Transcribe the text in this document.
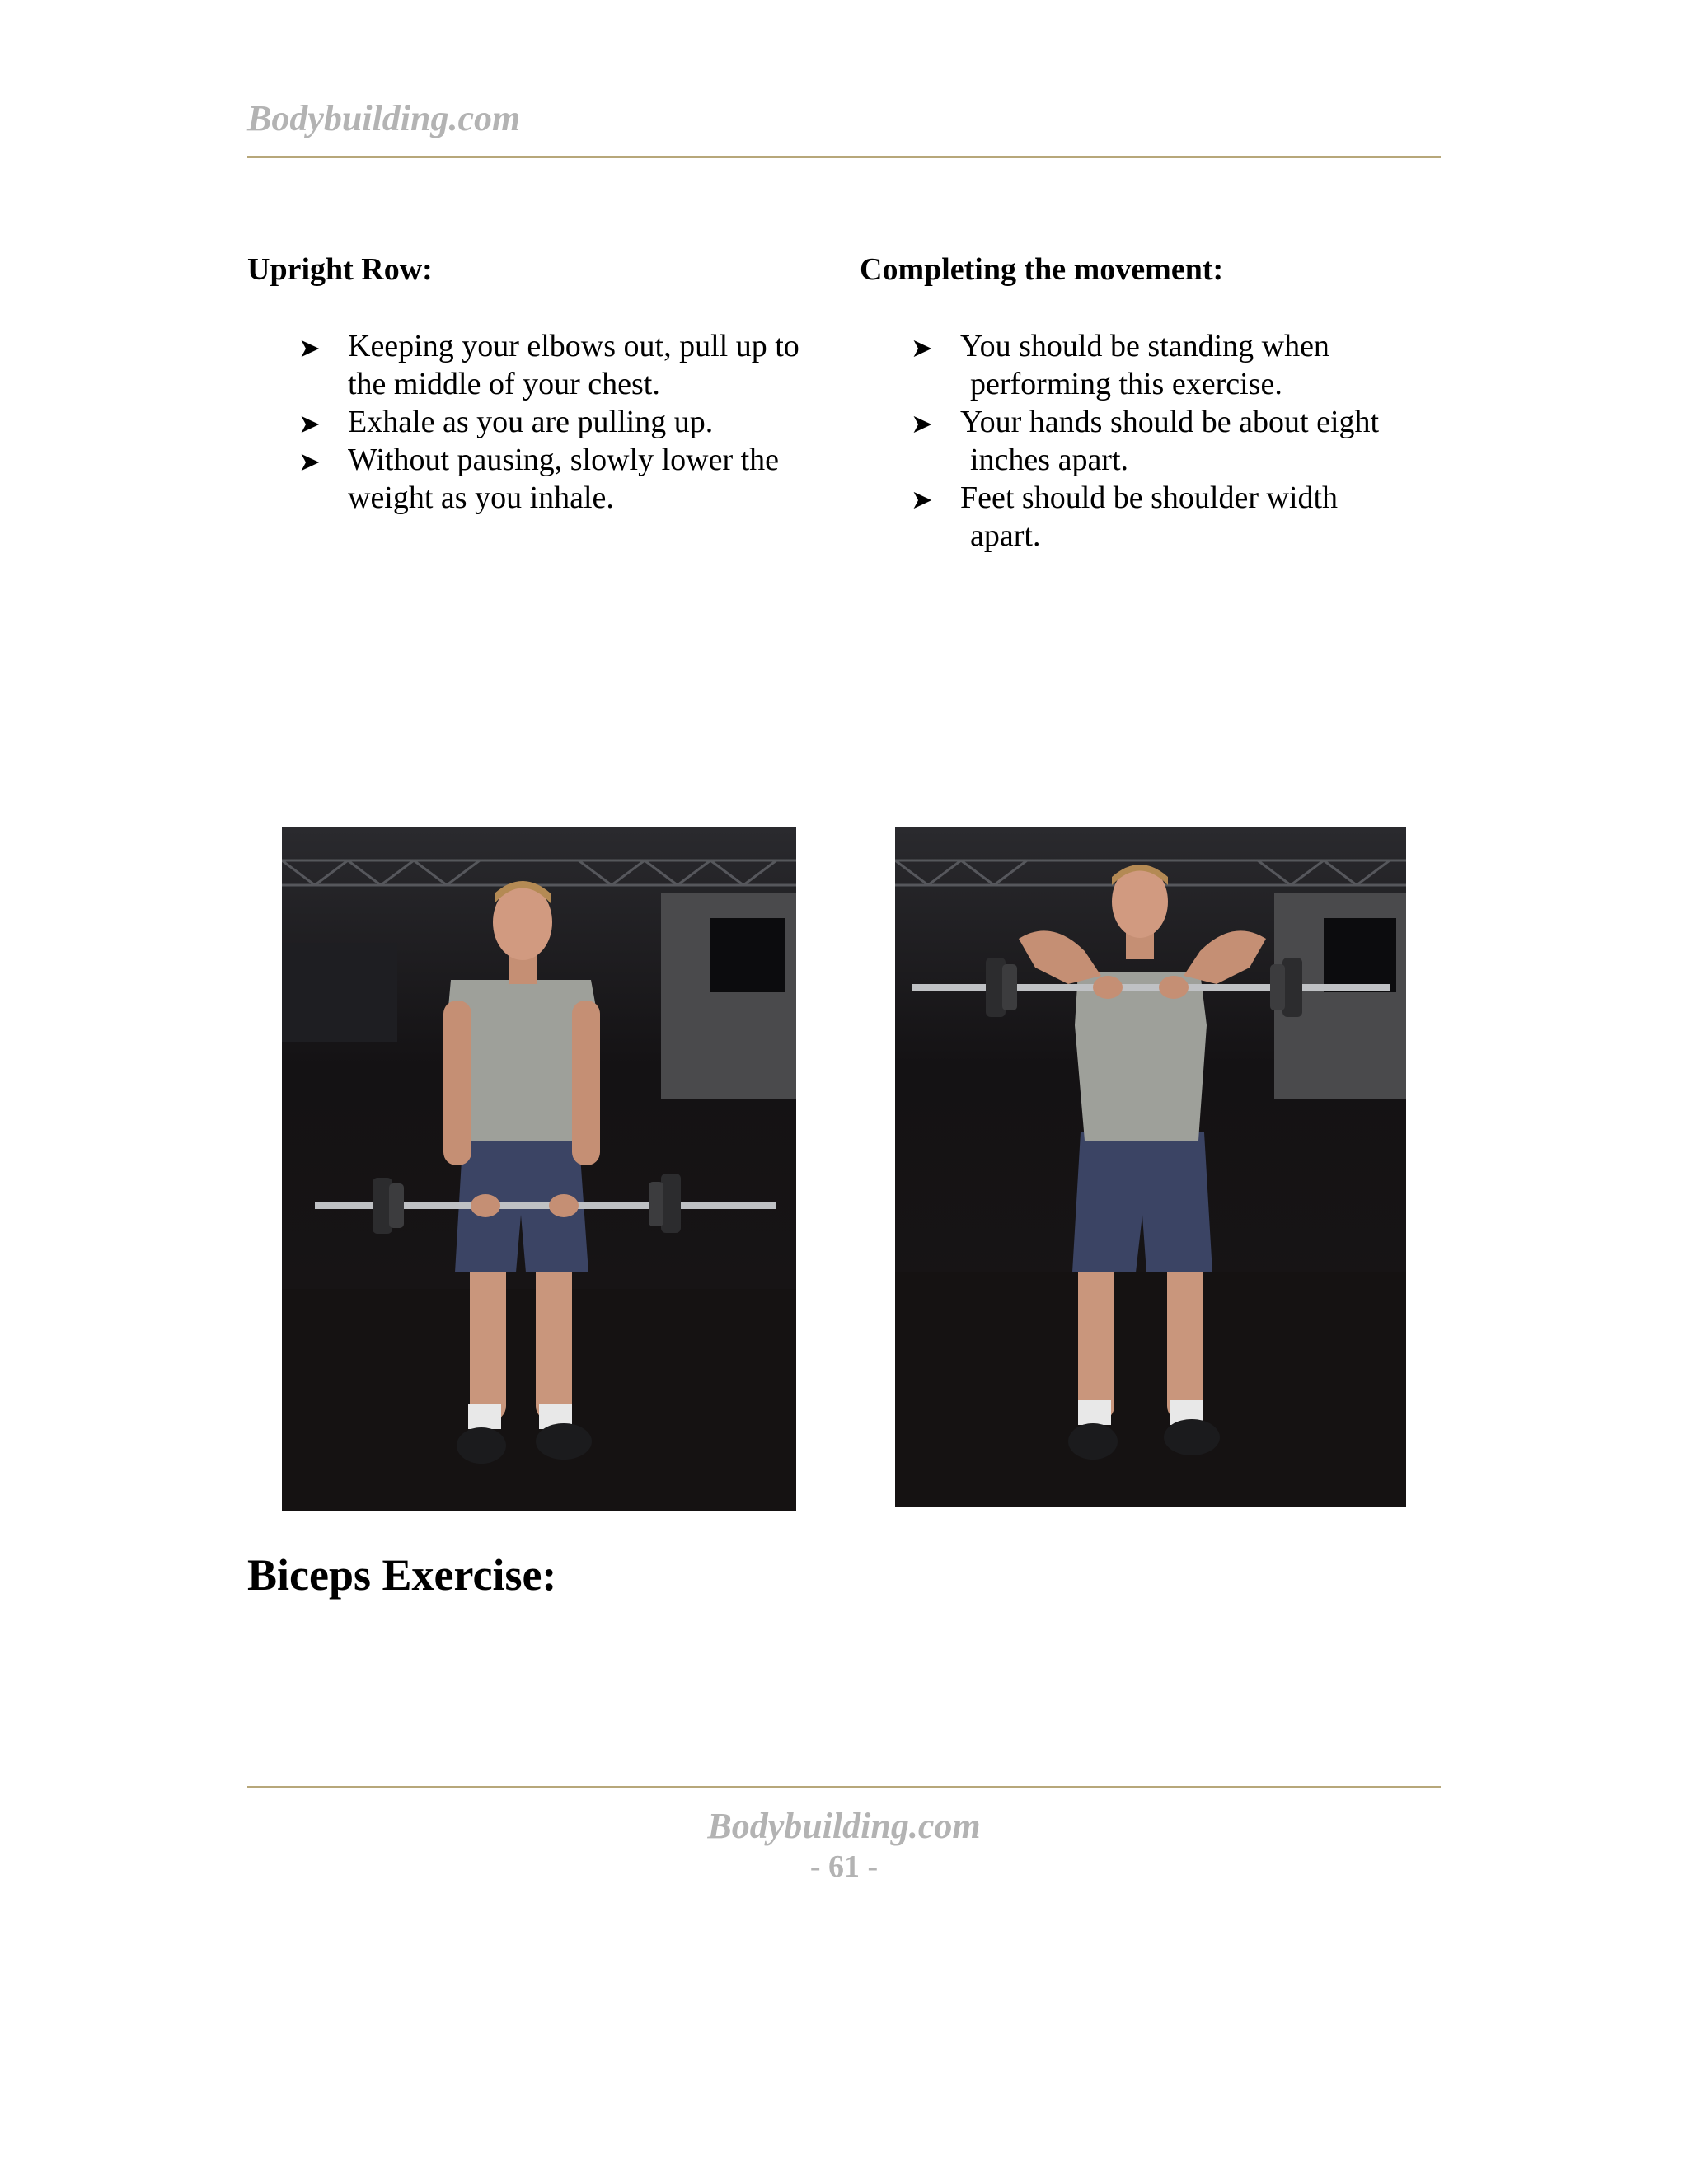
Bodybuilding.com
Upright Row:
➤ Keeping your elbows out, pull up to
the middle of your chest.
➤ Exhale as you are pulling up.
➤ Without pausing, slowly lower the
weight as you inhale.
Completing the movement:
➤ You should be standing when
performing this exercise.
➤ Your hands should be about eight
inches apart.
➤ Feet should be shoulder width
apart.
Biceps Exercise:
Bodybuilding.com
- 61 -
